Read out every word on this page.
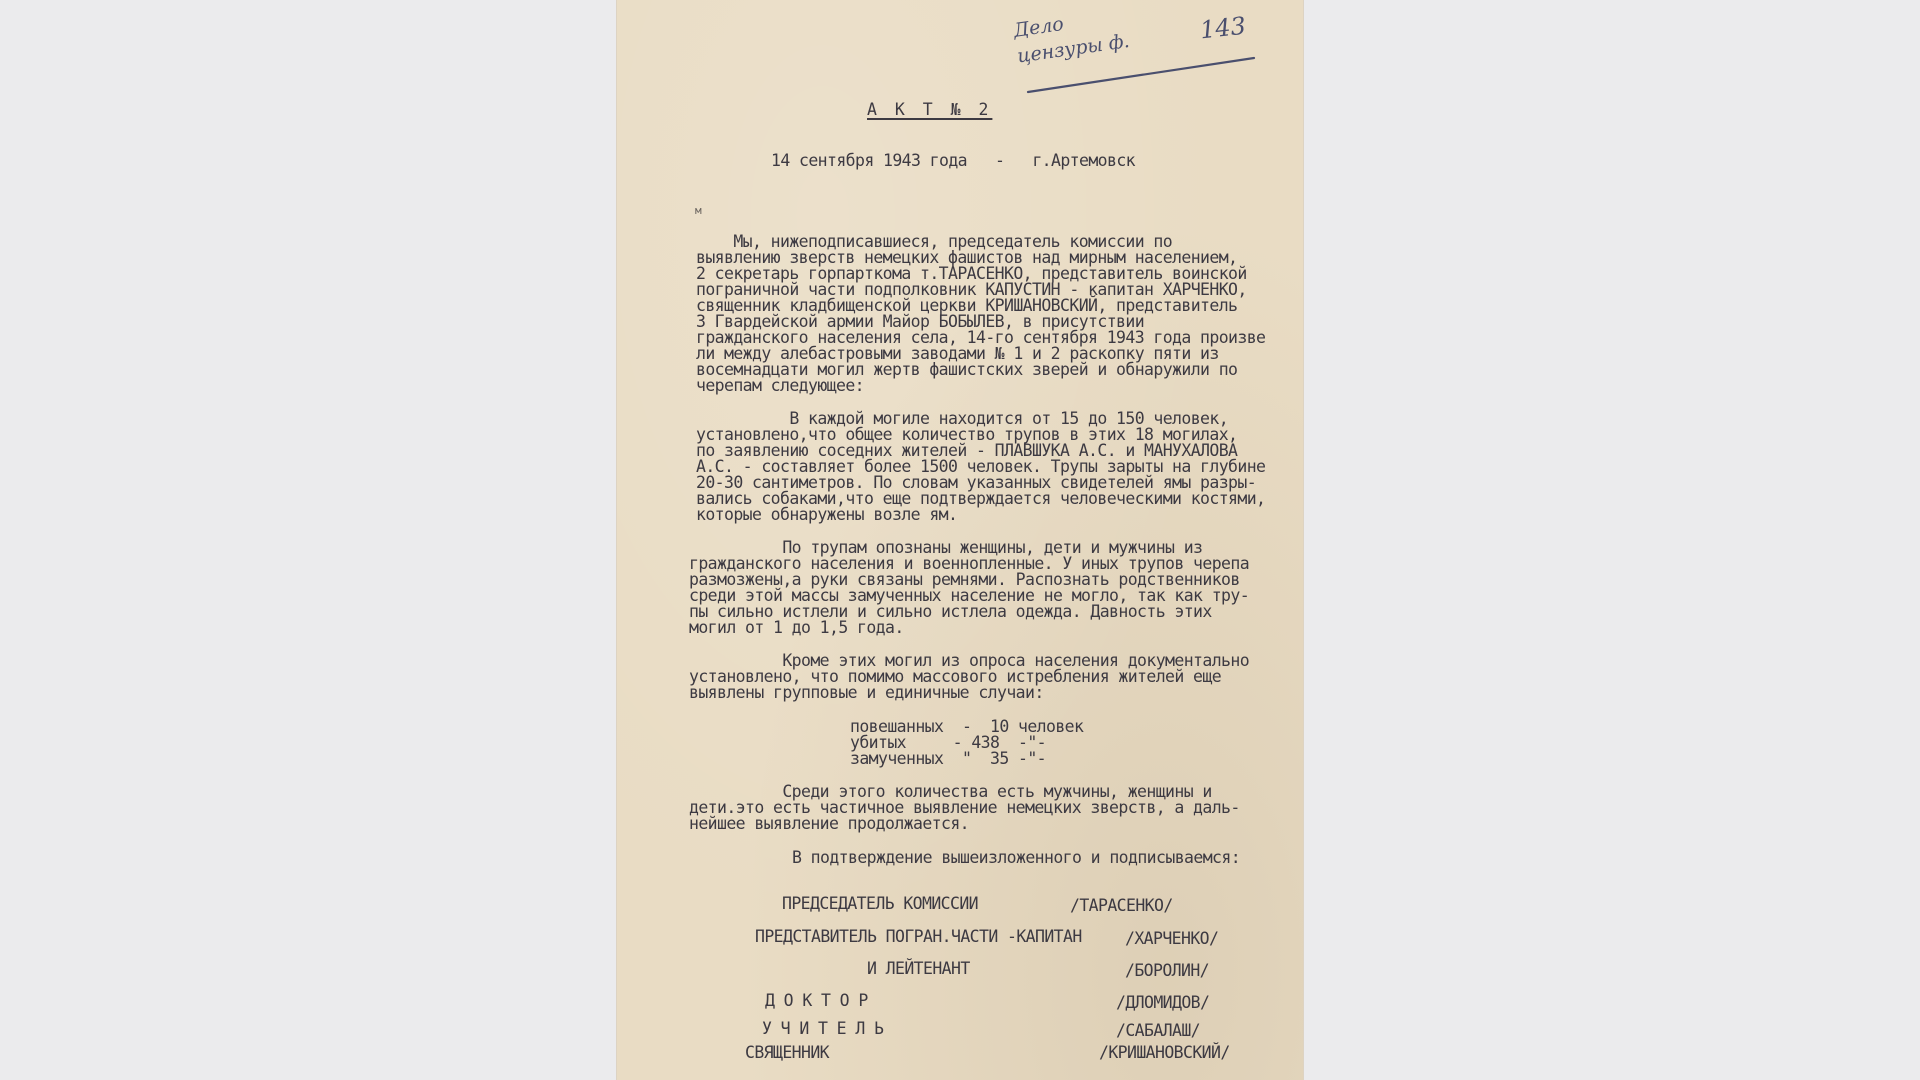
Дело
цензуры ф.
143
А К Т № 2
14 сентября 1943 года   -   г.Артемовск
м
Мы, нижеподписавшиеся, председатель комиссии по
выявлению зверств немецких фашистов над мирным населением,
2 секретарь горпарткома т.ТАРАСЕНКО, представитель воинской
пограничной части подполковник КАПУСТИН - капитан ХАРЧЕНКО,
священник кладбищенской церкви КРИШАНОВСКИЙ, представитель
3 Гвардейской армии Майор БОБЫЛЕВ, в присутствии
гражданского населения села, 14-го сентября 1943 года произве
ли между алебастровыми заводами № 1 и 2 раскопку пяти из
восемнадцати могил жертв фашистских зверей и обнаружили по
черепам следующее:
В каждой могиле находится от 15 до 150 человек,
установлено,что общее количество трупов в этих 18 могилах,
по заявлению соседних жителей - ПЛАВШУКА А.С. и МАНУХАЛОВА
А.С. - составляет более 1500 человек. Трупы зарыты на глубине
20-30 сантиметров. По словам указанных свидетелей ямы разры-
вались собаками,что еще подтверждается человеческими костями,
которые обнаружены возле ям.
По трупам опознаны женщины, дети и мужчины из
гражданского населения и военнопленные. У иных трупов черепа
размозжены,а руки связаны ремнями. Распознать родственников
среди этой массы замученных население не могло, так как тру-
пы сильно истлели и сильно истлела одежда. Давность этих
могил от 1 до 1,5 года.
Кроме этих могил из опроса населения документально
установлено, что помимо массового истребления жителей еще
выявлены групповые и единичные случаи:
повешанных  -  10 человек
убитых     - 438  -"-
замученных  "  35 -"-
Среди этого количества есть мужчины, женщины и
дети.это есть частичное выявление немецких зверств, а даль-
нейшее выявление продолжается.
В подтверждение вышеизложенного и подписываемся:
ПРЕДСЕДАТЕЛЬ КОМИССИИ	/ТАРАСЕНКО/
ПРЕДСТАВИТЕЛЬ ПОГРАН.ЧАСТИ -КАПИТАН	/ХАРЧЕНКО/
И ЛЕЙТЕНАНТ	/БОРОЛИН/
Д О К Т О Р	/ДЛОМИДОВ/
У Ч И Т Е Л Ь	/САБАЛАШ/
СВЯЩЕННИК	/КРИШАНОВСКИЙ/
